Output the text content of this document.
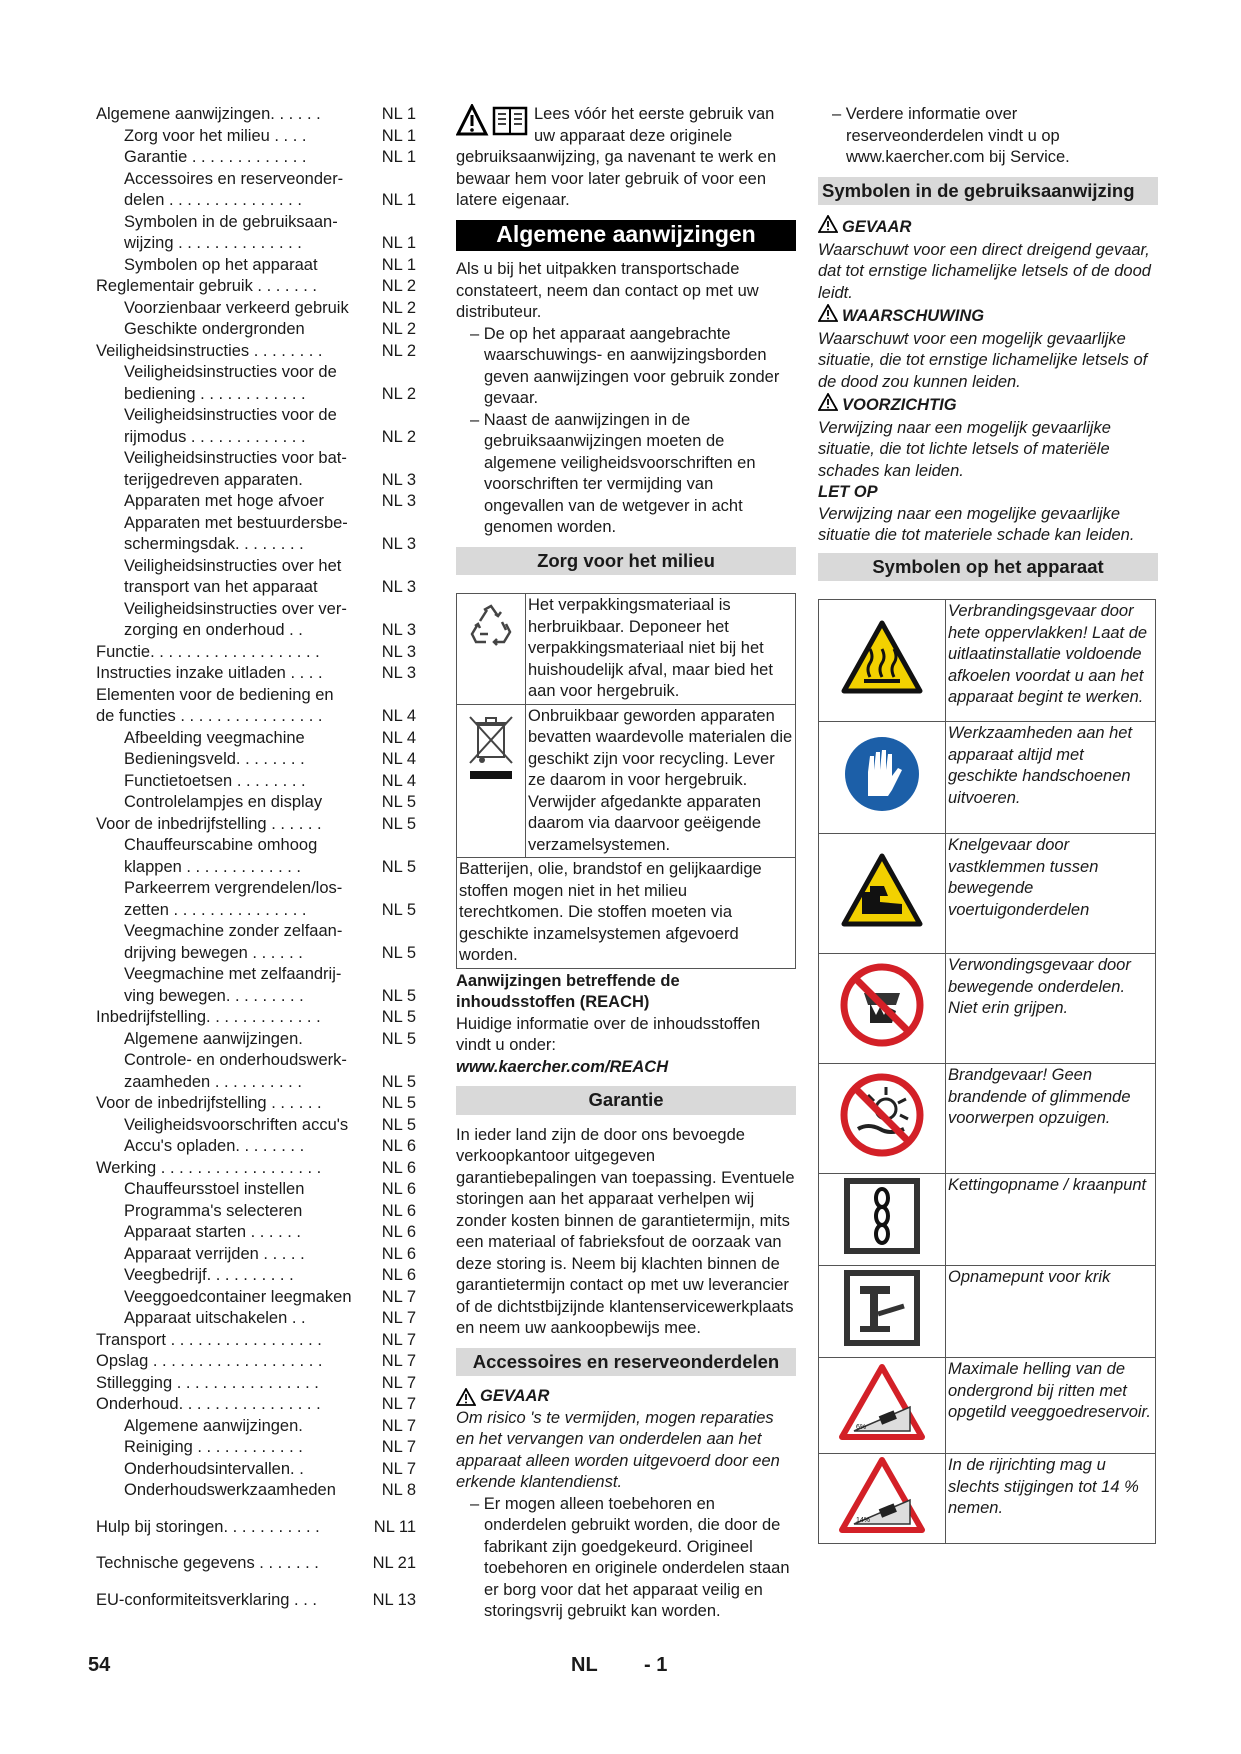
Algemene aanwijzingen. . . . . .	NL 1
Zorg voor het milieu . . . .	NL 1
Garantie . . . . . . . . . . . . .	NL 1
Accessoires en reserveonder-
delen . . . . . . . . . . . . . . .	NL 1
Symbolen in de gebruiksaan-
wijzing . . . . . . . . . . . . . .	NL 1
Symbolen op het apparaat	NL 1
Reglementair gebruik . . . . . . .	NL 2
Voorzienbaar verkeerd gebruik	NL 2
Geschikte ondergronden	NL 2
Veiligheidsinstructies . . . . . . . .	NL 2
Veiligheidsinstructies voor de
bediening . . . . . . . . . . . .	NL 2
Veiligheidsinstructies voor de
rijmodus . . . . . . . . . . . . .	NL 2
Veiligheidsinstructies voor bat-
terijgedreven apparaten.	NL 3
Apparaten met hoge afvoer	NL 3
Apparaten met bestuurdersbe-
schermingsdak. . . . . . . .	NL 3
Veiligheidsinstructies over het
transport van het apparaat	NL 3
Veiligheidsinstructies over ver-
zorging en onderhoud . .	NL 3
Functie. . . . . . . . . . . . . . . . . . .	NL 3
Instructies inzake uitladen . . . .	NL 3
Elementen voor de bediening en
de functies . . . . . . . . . . . . . . . .	NL 4
Afbeelding veegmachine	NL 4
Bedieningsveld. . . . . . . .	NL 4
Functietoetsen . . . . . . . .	NL 4
Controlelampjes en display	NL 5
Voor de inbedrijfstelling . . . . . .	NL 5
Chauffeurscabine omhoog
klappen . . . . . . . . . . . . .	NL 5
Parkeerrem vergrendelen/los-
zetten . . . . . . . . . . . . . . .	NL 5
Veegmachine zonder zelfaan-
drijving bewegen . . . . . .	NL 5
Veegmachine met zelfaandrij-
ving bewegen. . . . . . . . .	NL 5
Inbedrijfstelling. . . . . . . . . . . . .	NL 5
Algemene aanwijzingen.	NL 5
Controle- en onderhoudswerk-
zaamheden . . . . . . . . . .	NL 5
Voor de inbedrijfstelling . . . . . .	NL 5
Veiligheidsvoorschriften accu's	NL 5
Accu's opladen. . . . . . . .	NL 6
Werking . . . . . . . . . . . . . . . . . .	NL 6
Chauffeursstoel instellen	NL 6
Programma's selecteren	NL 6
Apparaat starten . . . . . .	NL 6
Apparaat verrijden . . . . .	NL 6
Veegbedrijf. . . . . . . . . .	NL 6
Veeggoedcontainer leegmaken	NL 7
Apparaat uitschakelen . .	NL 7
Transport . . . . . . . . . . . . . . . . .	NL 7
Opslag . . . . . . . . . . . . . . . . . . .	NL 7
Stillegging . . . . . . . . . . . . . . . .	NL 7
Onderhoud. . . . . . . . . . . . . . . .	NL 7
Algemene aanwijzingen.	NL 7
Reiniging . . . . . . . . . . . .	NL 7
Onderhoudsintervallen. .	NL 7
Onderhoudswerkzaamheden	NL 8
Hulp bij storingen. . . . . . . . . . .	NL 11
Technische gegevens . . . . . . .	NL 21
EU-conformiteitsverklaring . . .	NL 13

Lees vóór het eerste gebruik van uw apparaat deze originele gebruiksaanwijzing, ga navenant te werk en bewaar hem voor later gebruik of voor een latere eigenaar.

Algemene aanwijzingen

Als u bij het uitpakken transportschade constateert, neem dan contact op met uw distributeur.

– De op het apparaat aangebrachte waarschuwings- en aanwijzingsborden geven aanwijzingen voor gebruik zonder gevaar.

– Naast de aanwijzingen in de gebruiksaanwijzingen moeten de algemene veiligheidsvoorschriften en voorschriften ter vermijding van ongevallen van de wetgever in acht genomen worden.

Zorg voor het milieu
	Het verpakkingsmateriaal is herbruikbaar. Deponeer het verpakkingsmateriaal niet bij het huishoudelijk afval, maar bied het aan voor hergebruik.
	Onbruikbaar geworden apparaten bevatten waardevolle materialen die geschikt zijn voor recycling. Lever ze daarom in voor hergebruik. Verwijder afgedankte apparaten daarom via daarvoor geëigende verzamelsystemen.
Batterijen, olie, brandstof en gelijkaardige stoffen mogen niet in het milieu terechtkomen. Die stoffen moeten via geschikte inzamelsystemen afgevoerd worden.	

Aanwijzingen betreffende de inhoudsstoffen (REACH)

Huidige informatie over de inhoudsstoffen vindt u onder:

www.kaercher.com/REACH

Garantie

In ieder land zijn de door ons bevoegde verkoopkantoor uitgegeven garantiebepalingen van toepassing. Eventuele storingen aan het apparaat verhelpen wij zonder kosten binnen de garantietermijn, mits een materiaal of fabrieksfout de oorzaak van deze storing is. Neem bij klachten binnen de garantietermijn contact op met uw leverancier of de dichtstbijzijnde klantenservicewerkplaats en neem uw aankoopbewijs mee.

Accessoires en reserveonderdelen
GEVAAR

Om risico 's te vermijden, mogen reparaties en het vervangen van onderdelen aan het apparaat alleen worden uitgevoerd door een erkende klantendienst.

– Er mogen alleen toebehoren en onderdelen gebruikt worden, die door de fabrikant zijn goedgekeurd. Origineel toebehoren en originele onderdelen staan er borg voor dat het apparaat veilig en storingsvrij gebruikt kan worden.

– Verdere informatie over reserveonderdelen vindt u op www.kaercher.com bij Service.

Symbolen in de gebruiksaanwijzing
GEVAAR

Waarschuwt voor een direct dreigend gevaar, dat tot ernstige lichamelijke letsels of de dood leidt.

WAARSCHUWING

Waarschuwt voor een mogelijk gevaarlijke situatie, die tot ernstige lichamelijke letsels of de dood zou kunnen leiden.

VOORZICHTIG

Verwijzing naar een mogelijk gevaarlijke situatie, die tot lichte letsels of materiële schades kan leiden.

LET OP

Verwijzing naar een mogelijke gevaarlijke situatie die tot materiele schade kan leiden.

Symbolen op het apparaat
	Verbrandingsgevaar door hete oppervlakken! Laat de uitlaatinstallatie voldoende afkoelen voordat u aan het apparaat begint te werken.
	Werkzaamheden aan het apparaat altijd met geschikte handschoenen uitvoeren.
	Knelgevaar door vastklemmen tussen bewegende voertuigonderdelen
	Verwondingsgevaar door bewegende onderdelen. Niet erin grijpen.
	Brandgevaar! Geen brandende of glimmende voorwerpen opzuigen.
	Kettingopname / kraanpunt
	Opnamepunt voor krik

6%	Maximale helling van de ondergrond bij ritten met opgetild veeggoedreservoir.

14%	In de rijrichting mag u slechts stijgingen tot 14 % nemen.
54	NL - 1
